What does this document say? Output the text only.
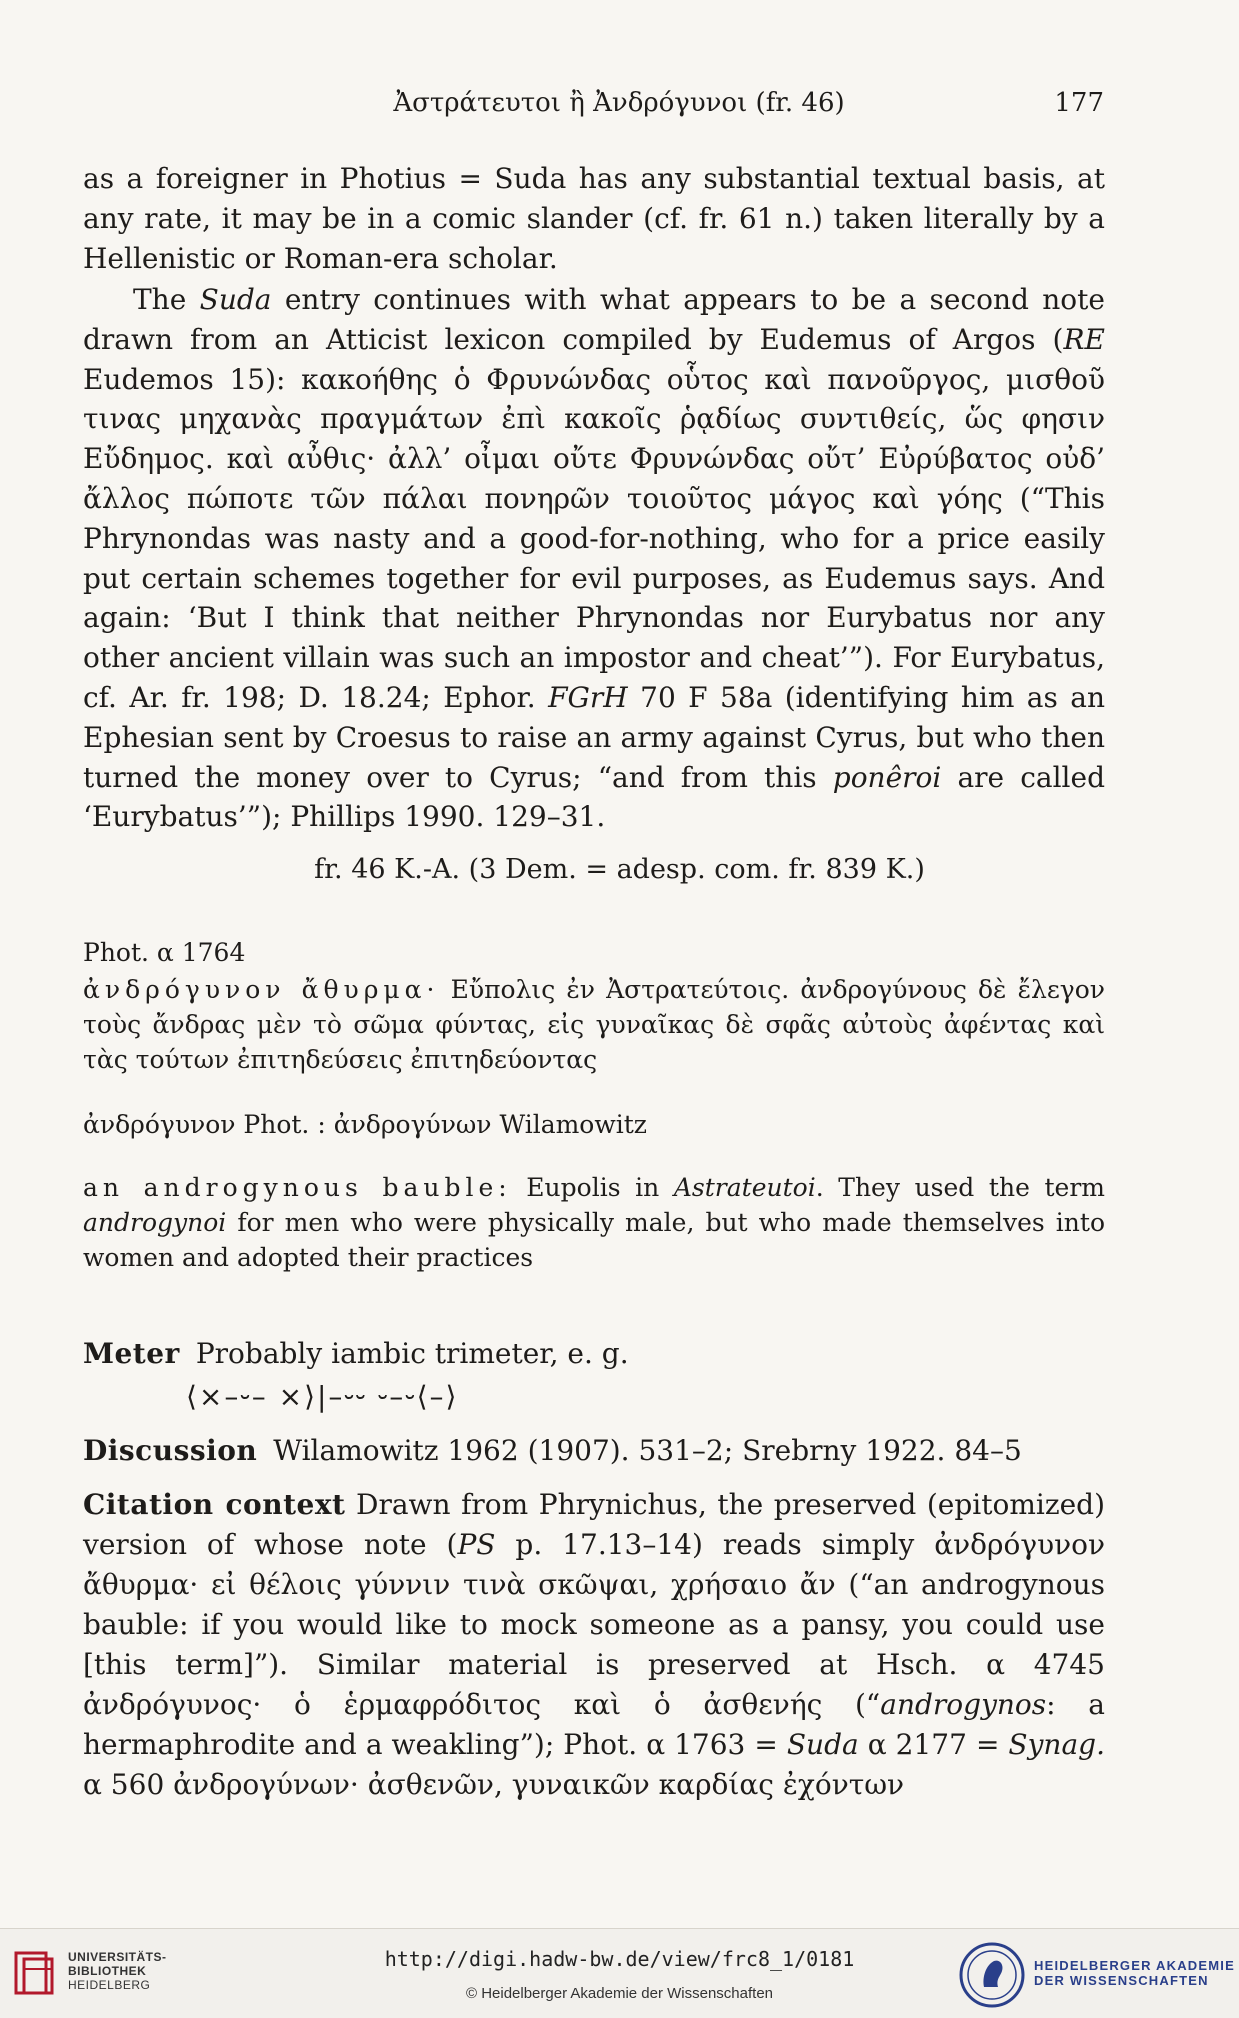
Ἀστράτευτοι ἢ Ἀνδρόγυνοι (fr. 46)	177

as a foreigner in Photius = Suda has any substantial textual basis, at any rate, it may be in a comic slander (cf. fr. 61 n.) taken literally by a Hellenistic or Roman-era scholar.

The Suda entry continues with what appears to be a second note drawn from an Atticist lexicon compiled by Eudemus of Argos (RE Eudemos 15): κακοήθης ὁ Φρυνώνδας οὗτος καὶ πανοῦργος, μισθοῦ τινας μηχανὰς πραγμάτων ἐπὶ κακοῖς ῥᾳδίως συντιθείς, ὥς φησιν Εὔδημος. καὶ αὖθις· ἀλλ’ οἶμαι οὔτε Φρυνώνδας οὔτ’ Εὐρύβατος οὐδ’ ἄλλος πώποτε τῶν πάλαι πονηρῶν τοιοῦτος μάγος καὶ γόης (“This Phrynondas was nasty and a good-for-nothing, who for a price easily put certain schemes together for evil purposes, as Eudemus says. And again: ‘But I think that neither Phrynondas nor Eurybatus nor any other ancient villain was such an impostor and cheat’”). For Eurybatus, cf. Ar. fr. 198; D. 18.24; Ephor. FGrH 70 F 58a (identifying him as an Ephesian sent by Croesus to raise an army against Cyrus, but who then turned the money over to Cyrus; “and from this ponêroi are called ‘Eurybatus’”); Phillips 1990. 129–31.

fr. 46 K.-A. (3 Dem. = adesp. com. fr. 839 K.)
Phot. α 1764
ἀνδρόγυνον ἄθυρμα· Εὔπολις ἐν Ἀστρατεύτοις. ἀνδρογύνους δὲ ἔλεγον τοὺς ἄνδρας μὲν τὸ σῶμα φύντας, εἰς γυναῖκας δὲ σφᾶς αὐτοὺς ἀφέντας καὶ τὰς τούτων ἐπιτηδεύσεις ἐπιτηδεύοντας
ἀνδρόγυνον Phot. : ἀνδρογύνων Wilamowitz
an androgynous bauble: Eupolis in Astrateutoi. They used the term androgynoi for men who were physically male, but who made themselves into women and adopted their practices
Meter Probably iambic trimeter, e. g.
⟨×–⏑– ×⟩|–⏑⏑ ⏑–⏑⟨–⟩
Discussion Wilamowitz 1962 (1907). 531–2; Srebrny 1922. 84–5
Citation context Drawn from Phrynichus, the preserved (epitomized) version of whose note (PS p. 17.13–14) reads simply ἀνδρόγυνον ἄθυρμα· εἰ θέλοις γύννιν τινὰ σκῶψαι, χρήσαιο ἄν (“an androgynous bauble: if you would like to mock someone as a pansy, you could use [this term]”). Similar material is preserved at Hsch. α 4745 ἀνδρόγυνος· ὁ ἑρμαφρόδιτος καὶ ὁ ἀσθενής (“androgynos: a hermaphrodite and a weakling”); Phot. α 1763 = Suda α 2177 = Synag. α 560 ἀνδρογύνων· ἀσθενῶν, γυναικῶν καρδίας ἐχόντων
UNIVERSITÄTS-
BIBLIOTHEK
HEIDELBERG
http://digi.hadw-bw.de/view/frc8_1/0181
© Heidelberger Akademie der Wissenschaften
HEIDELBERGER AKADEMIE
DER WISSENSCHAFTEN
